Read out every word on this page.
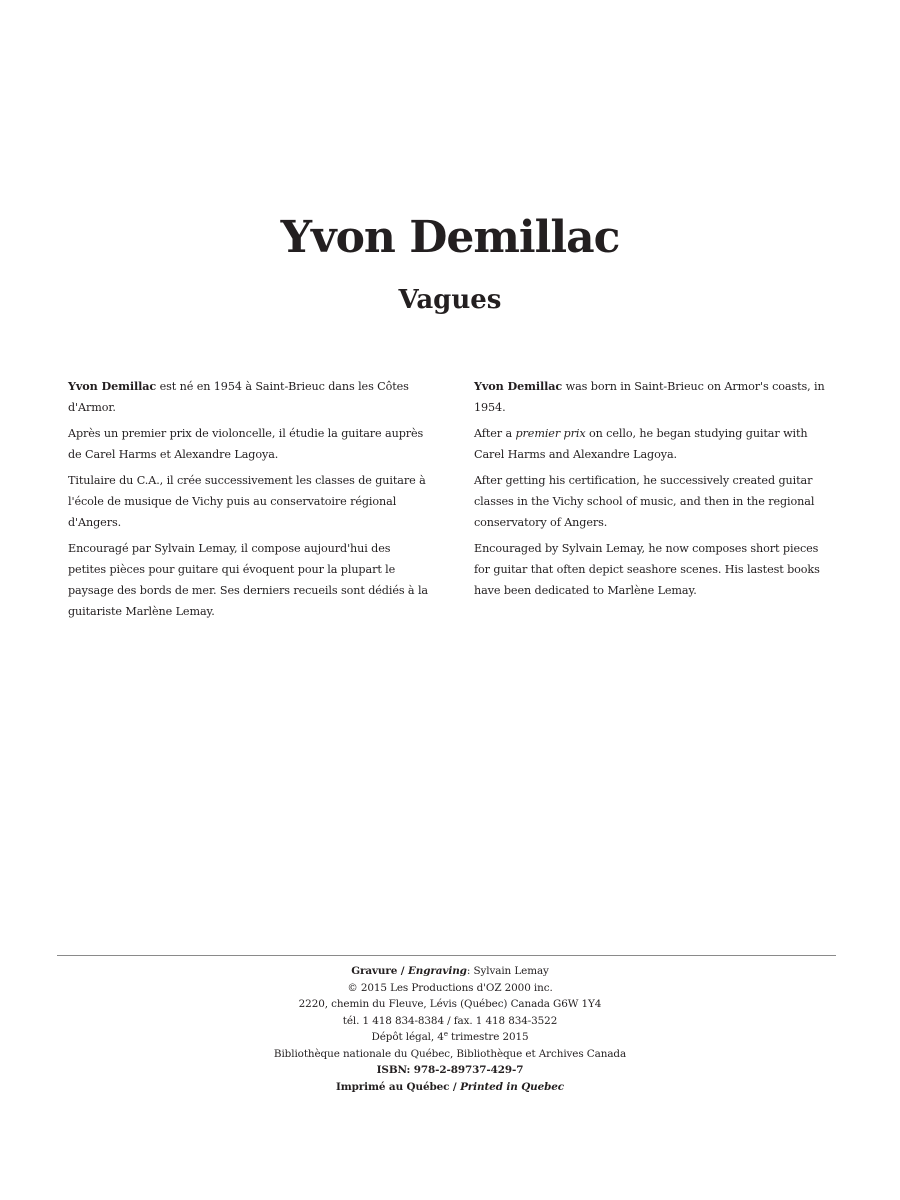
Yvon Demillac
Vagues

Yvon Demillac est né en 1954 à Saint-Brieuc dans les Côtes d'Armor.

Après un premier prix de violoncelle, il étudie la guitare auprès de Carel Harms et Alexandre Lagoya.

Titulaire du C.A., il crée successivement les classes de guitare à l'école de musique de Vichy puis au conservatoire régional d'Angers.

Encouragé par Sylvain Lemay, il compose aujourd'hui des petites pièces pour guitare qui évoquent pour la plupart le paysage des bords de mer. Ses derniers recueils sont dédiés à la guitariste Marlène Lemay.

Yvon Demillac was born in Saint-Brieuc on Armor's coasts, in 1954.

After a premier prix on cello, he began studying guitar with Carel Harms and Alexandre Lagoya.

After getting his certification, he successively created guitar classes in the Vichy school of music, and then in the regional conservatory of Angers.

Encouraged by Sylvain Lemay, he now composes short pieces for guitar that often depict seashore scenes. His lastest books have been dedicated to Marlène Lemay.

Gravure / Engraving: Sylvain Lemay
© 2015 Les Productions d'OZ 2000 inc.
2220, chemin du Fleuve, Lévis (Québec) Canada G6W 1Y4
tél. 1 418 834-8384 / fax. 1 418 834-3522
Dépôt légal, 4e trimestre 2015
Bibliothèque nationale du Québec, Bibliothèque et Archives Canada
ISBN: 978-2-89737-429-7
Imprimé au Québec / Printed in Quebec
